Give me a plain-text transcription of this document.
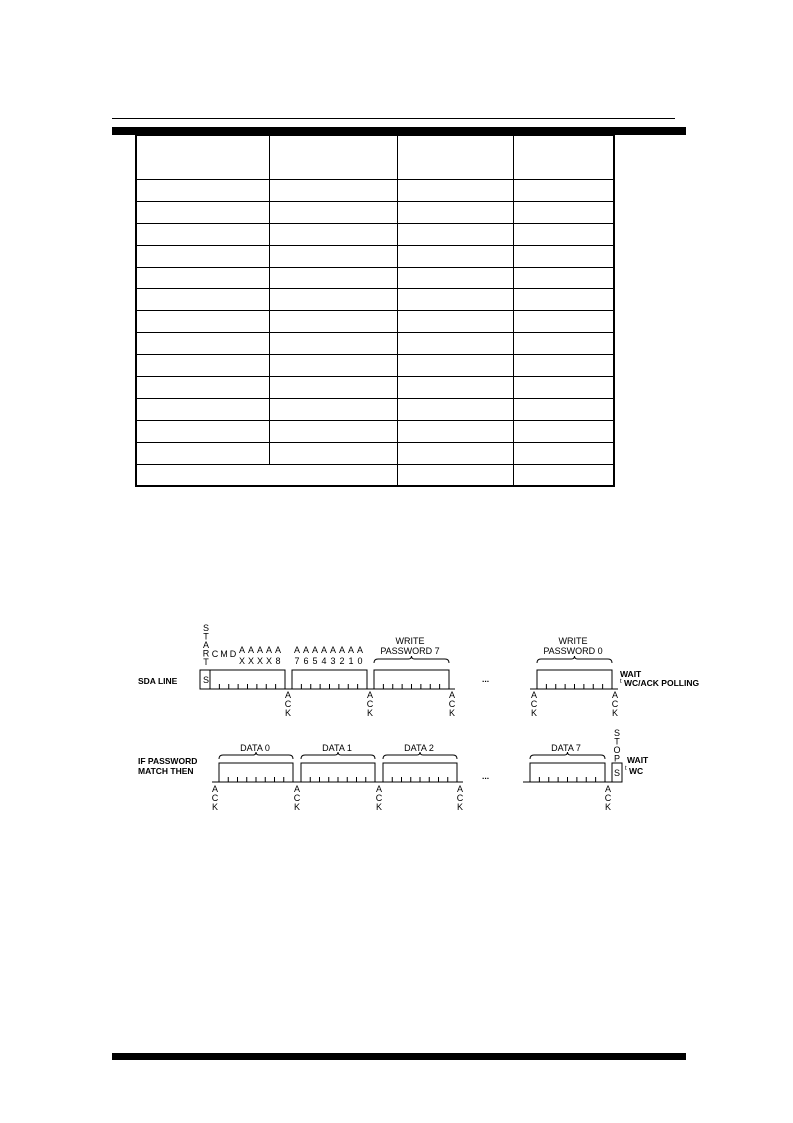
SDA LINE
S
T
A
R
T
S
C M D A
X
A
X
A
X
A
X
A
8
A
7
A
6
A
5
A
4
A
3
A
2
A
1
A
0
WRITE
PASSWORD 7
WRITE
PASSWORD 0
...	WAIT
t WC/ACK POLLING
IF PASSWORD
MATCH THEN
DATA 0	DATA 1	DATA 2	DATA 7
...
S
T
O
P
S
WAIT
t WC
A
C
K
A
C
K
A
C
K
A
C
K
A
C
K
A
C
K
A
C
K
A
C
K
A
C
K
A
C
K
